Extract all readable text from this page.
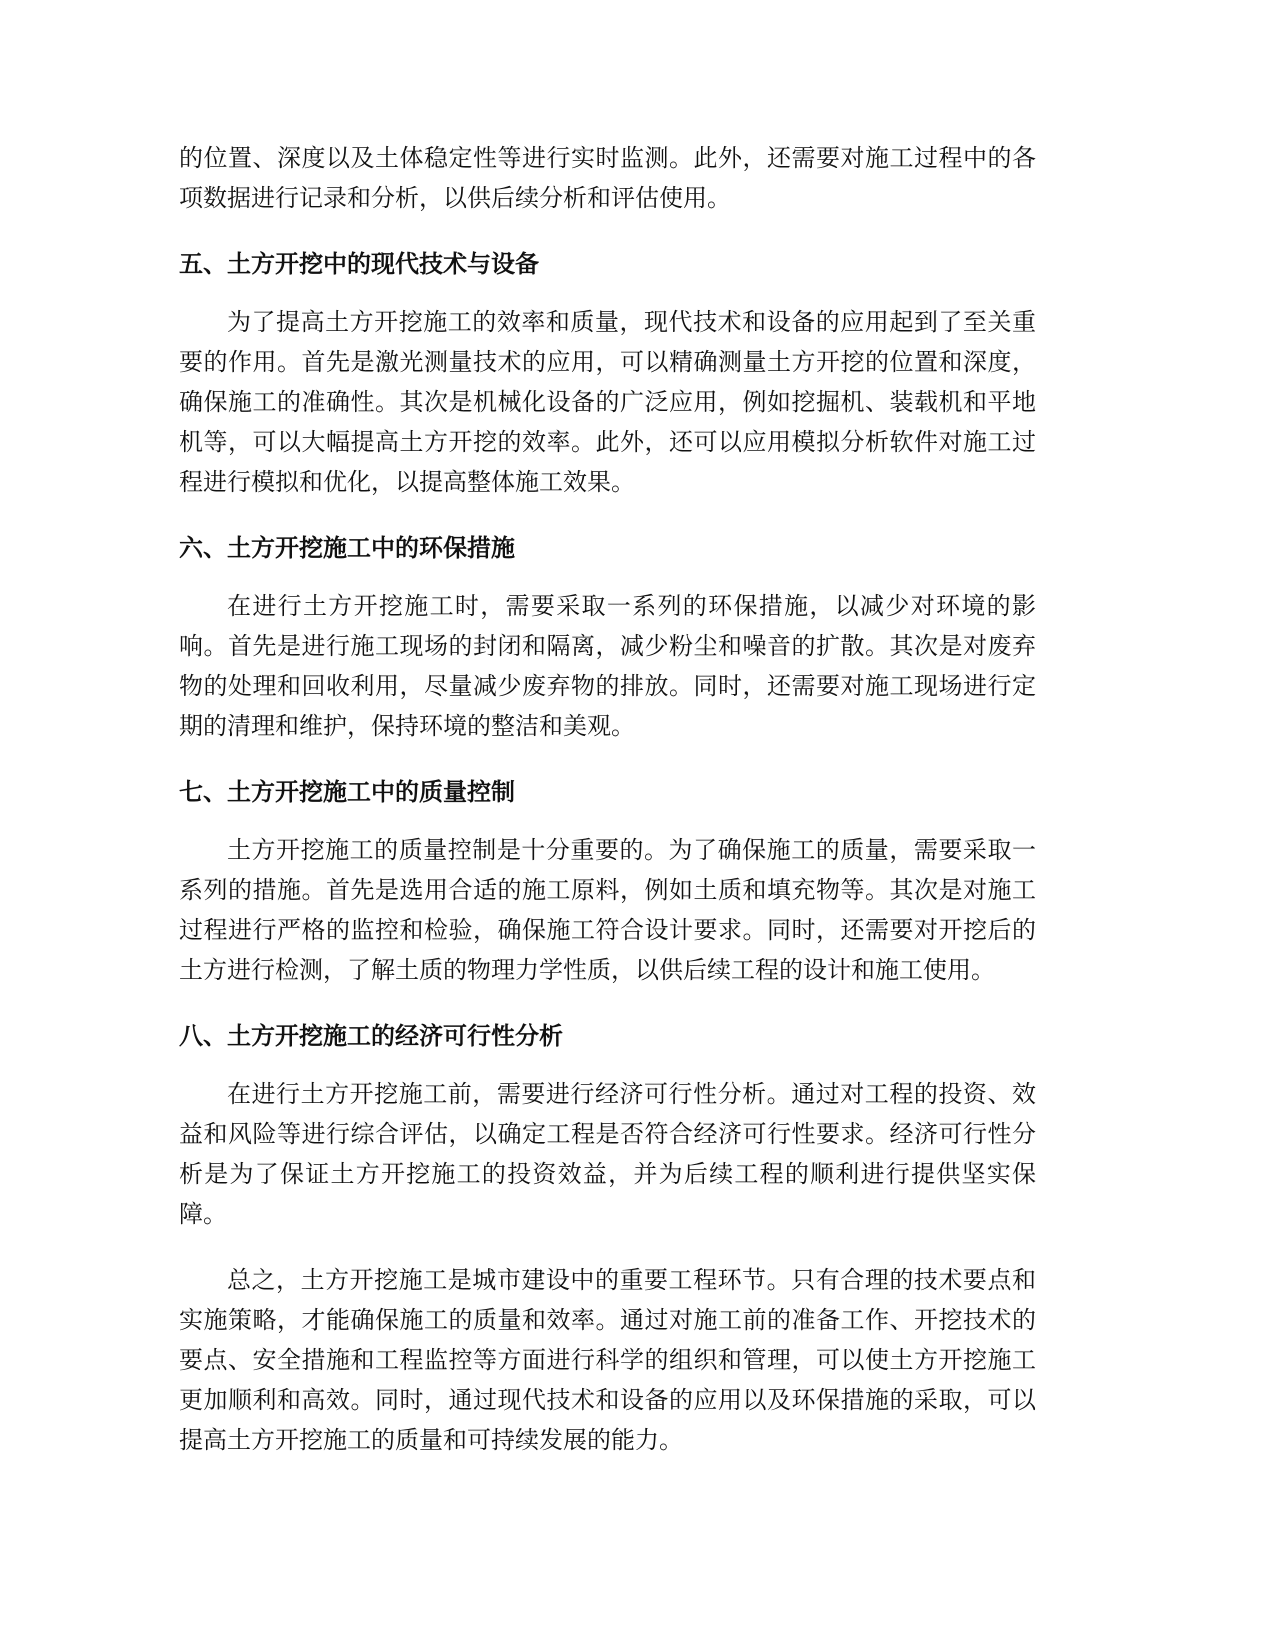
的位置、深度以及土体稳定性等进行实时监测。此外，还需要对施工过程中的各项数据进行记录和分析，以供后续分析和评估使用。

五、土方开挖中的现代技术与设备

为了提高土方开挖施工的效率和质量，现代技术和设备的应用起到了至关重要的作用。首先是激光测量技术的应用，可以精确测量土方开挖的位置和深度，确保施工的准确性。其次是机械化设备的广泛应用，例如挖掘机、装载机和平地机等，可以大幅提高土方开挖的效率。此外，还可以应用模拟分析软件对施工过程进行模拟和优化，以提高整体施工效果。

六、土方开挖施工中的环保措施

在进行土方开挖施工时，需要采取一系列的环保措施，以减少对环境的影响。首先是进行施工现场的封闭和隔离，减少粉尘和噪音的扩散。其次是对废弃物的处理和回收利用，尽量减少废弃物的排放。同时，还需要对施工现场进行定期的清理和维护，保持环境的整洁和美观。

七、土方开挖施工中的质量控制

土方开挖施工的质量控制是十分重要的。为了确保施工的质量，需要采取一系列的措施。首先是选用合适的施工原料，例如土质和填充物等。其次是对施工过程进行严格的监控和检验，确保施工符合设计要求。同时，还需要对开挖后的土方进行检测，了解土质的物理力学性质，以供后续工程的设计和施工使用。

八、土方开挖施工的经济可行性分析

在进行土方开挖施工前，需要进行经济可行性分析。通过对工程的投资、效益和风险等进行综合评估，以确定工程是否符合经济可行性要求。经济可行性分析是为了保证土方开挖施工的投资效益，并为后续工程的顺利进行提供坚实保障。

总之，土方开挖施工是城市建设中的重要工程环节。只有合理的技术要点和实施策略，才能确保施工的质量和效率。通过对施工前的准备工作、开挖技术的要点、安全措施和工程监控等方面进行科学的组织和管理，可以使土方开挖施工更加顺利和高效。同时，通过现代技术和设备的应用以及环保措施的采取，可以提高土方开挖施工的质量和可持续发展的能力。
